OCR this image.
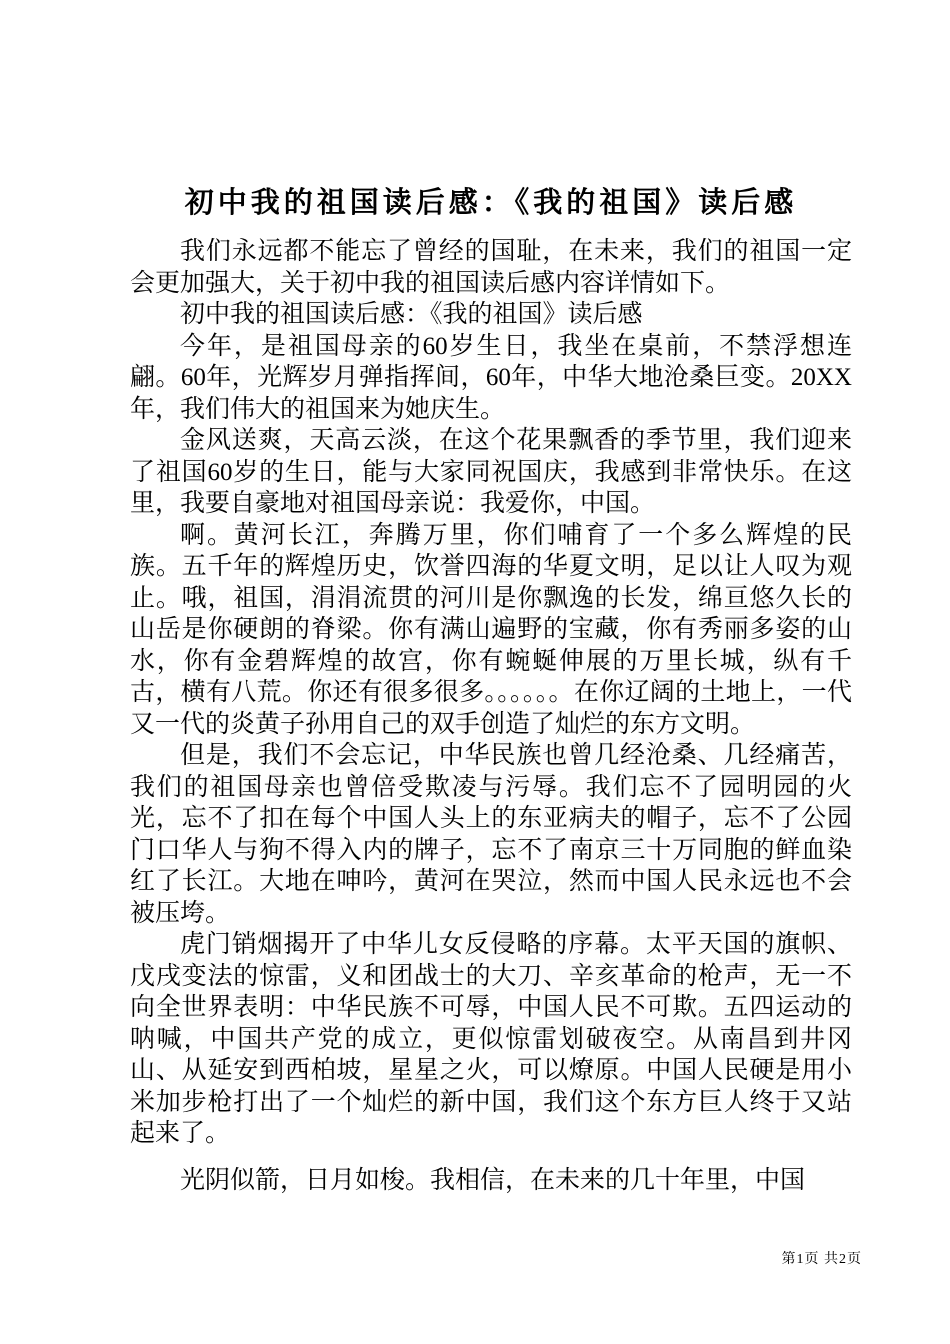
初中我的祖国读后感：《我的祖国》读后感

我们永远都不能忘了曾经的国耻，在未来，我们的祖国一定会更加强大，关于初中我的祖国读后感内容详情如下。

初中我的祖国读后感：《我的祖国》读后感

今年，是祖国母亲的60岁生日，我坐在桌前，不禁浮想连翩。60年，光辉岁月弹指挥间，60年，中华大地沧桑巨变。20XX年，我们伟大的祖国来为她庆生。

金风送爽，天高云淡，在这个花果飘香的季节里，我们迎来了祖国60岁的生日，能与大家同祝国庆，我感到非常快乐。在这里，我要自豪地对祖国母亲说：我爱你，中国。

啊。黄河长江，奔腾万里，你们哺育了一个多么辉煌的民族。五千年的辉煌历史，饮誉四海的华夏文明，足以让人叹为观止。哦，祖国，涓涓流贯的河川是你飘逸的长发，绵亘悠久长的山岳是你硬朗的脊梁。你有满山遍野的宝藏，你有秀丽多姿的山水，你有金碧辉煌的故宫，你有蜿蜒伸展的万里长城，纵有千古，横有八荒。你还有很多很多。。。。。。在你辽阔的土地上，一代又一代的炎黄子孙用自己的双手创造了灿烂的东方文明。

但是，我们不会忘记，中华民族也曾几经沧桑、几经痛苦，我们的祖国母亲也曾倍受欺凌与污辱。我们忘不了园明园的火光，忘不了扣在每个中国人头上的东亚病夫的帽子，忘不了公园门口华人与狗不得入内的牌子，忘不了南京三十万同胞的鲜血染红了长江。大地在呻吟，黄河在哭泣，然而中国人民永远也不会被压垮。

虎门销烟揭开了中华儿女反侵略的序幕。太平天国的旗帜、戊戌变法的惊雷，义和团战士的大刀、辛亥革命的枪声，无一不向全世界表明：中华民族不可辱，中国人民不可欺。五四运动的呐喊，中国共产党的成立，更似惊雷划破夜空。从南昌到井冈山、从延安到西柏坡，星星之火，可以燎原。中国人民硬是用小米加步枪打出了一个灿烂的新中国，我们这个东方巨人终于又站起来了。

光阴似箭，日月如梭。我相信，在未来的几十年里，中国

第1页 共2页
